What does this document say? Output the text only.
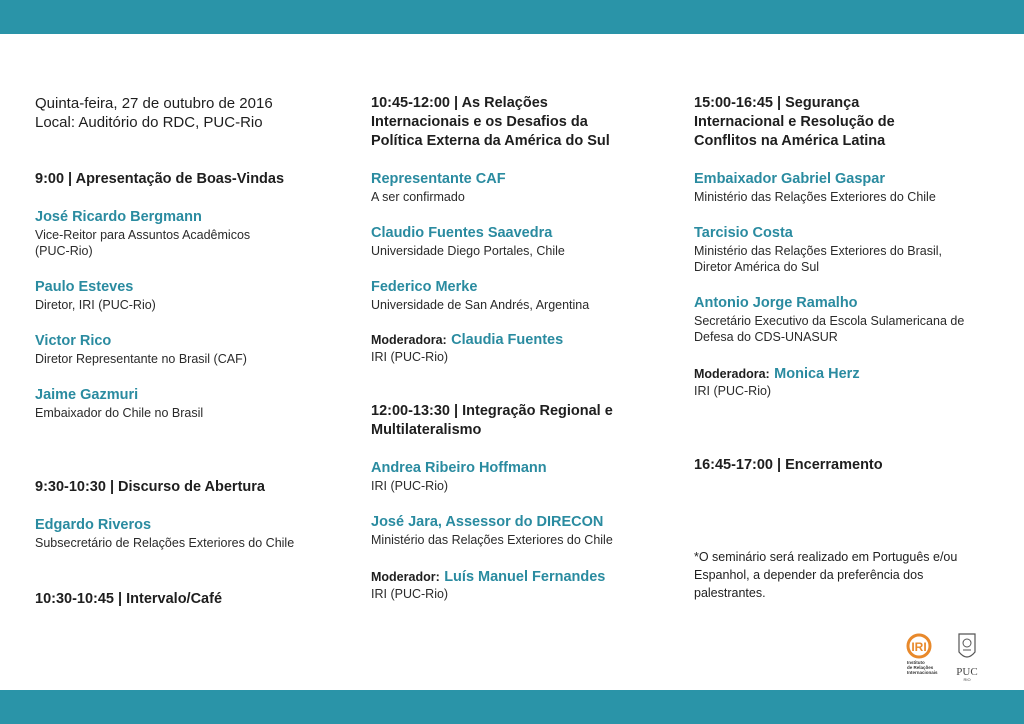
Quinta-feira, 27 de outubro de 2016

Local: Auditório do RDC, PUC-Rio

9:00 | Apresentação de Boas-Vindas

José Ricardo Bergmann

Vice-Reitor para Assuntos Acadêmicos

(PUC-Rio)

Paulo Esteves

Diretor, IRI (PUC-Rio)

Victor Rico

Diretor Representante no Brasil (CAF)

Jaime Gazmuri

Embaixador do Chile no Brasil

9:30-10:30 | Discurso de Abertura

Edgardo Riveros

Subsecretário de Relações Exteriores do Chile

10:30-10:45 | Intervalo/Café

10:45-12:00 | As Relações

Internacionais e os Desafios da

Política Externa da América do Sul

Representante CAF

A ser confirmado

Claudio Fuentes Saavedra

Universidade Diego Portales, Chile

Federico Merke

Universidade de San Andrés, Argentina

Moderadora: Claudia Fuentes

IRI (PUC-Rio)

12:00-13:30 | Integração Regional e

Multilateralismo

Andrea Ribeiro Hoffmann

IRI (PUC-Rio)

José Jara, Assessor do DIRECON

Ministério das Relações Exteriores do Chile

Moderador: Luís Manuel Fernandes

IRI (PUC-Rio)

15:00-16:45 | Segurança

Internacional e Resolução de

Conflitos na América Latina

Embaixador Gabriel Gaspar

Ministério das Relações Exteriores do Chile

Tarcisio Costa

Ministério das Relações Exteriores do Brasil,

Diretor América do Sul

Antonio Jorge Ramalho

Secretário Executivo da Escola Sulamericana de

Defesa do CDS-UNASUR

Moderadora: Monica Herz

IRI (PUC-Rio)

16:45-17:00 | Encerramento

*O seminário será realizado em Português e/ou

Espanhol, a depender da preferência dos

palestrantes.

IRI
Instituto
de Relações
Internacionais PUC
RIO
